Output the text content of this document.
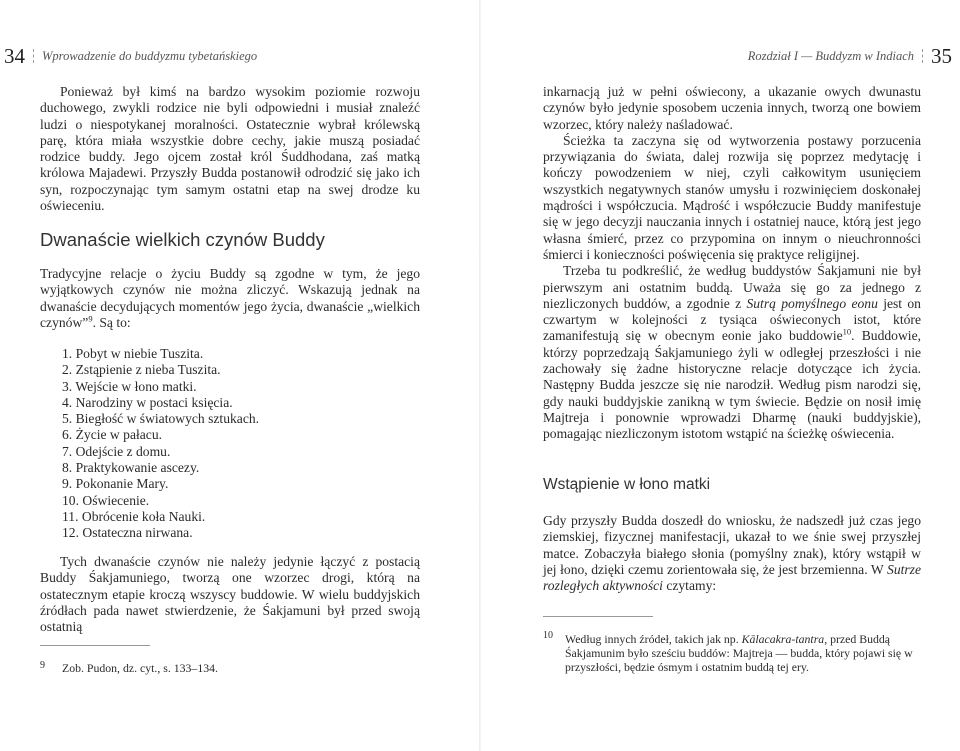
34 Wprowadzenie do buddyzmu tybetańskiego

Ponieważ był kimś na bardzo wysokim poziomie rozwoju duchowego, zwykli rodzice nie byli odpowiedni i musiał znaleźć ludzi o niespotykanej moralności. Ostatecznie wybrał królewską parę, która miała wszystkie dobre cechy, jakie muszą posiadać rodzice buddy. Jego ojcem został król Śuddhodana, zaś matką królowa Majadewi. Przyszły Budda postanowił odrodzić się jako ich syn, rozpoczynając tym samym ostatni etap na swej drodze ku oświeceniu.

Dwanaście wielkich czynów Buddy

Tradycyjne relacje o życiu Buddy są zgodne w tym, że jego wyjątkowych czynów nie można zliczyć. Wskazują jednak na dwanaście decydujących momentów jego życia, dwanaście „wielkich czynów”$^9$. Są to:

1. Pobyt w niebie Tuszita.
2. Zstąpienie z nieba Tuszita.
3. Wejście w łono matki.
4. Narodziny w postaci księcia.
5. Biegłość w światowych sztukach.
6. Życie w pałacu.
7. Odejście z domu.
8. Praktykowanie ascezy.
9. Pokonanie Mary.
10. Oświecenie.
11. Obrócenie koła Nauki.
12. Ostateczna nirwana.

Tych dwanaście czynów nie należy jedynie łączyć z postacią Buddy Śakjamuniego, tworzą one wzorzec drogi, którą na ostatecznym etapie kroczą wszyscy buddowie. W wielu buddyjskich źródłach pada nawet stwierdzenie, że Śakjamuni był przed swoją ostatnią

9 Zob. Pudon, dz. cyt., s. 133–134.
Rozdział I — Buddyzm w Indiach 35

inkarnacją już w pełni oświecony, a ukazanie owych dwunastu czynów było jedynie sposobem uczenia innych, tworzą one bowiem wzorzec, który należy naśladować.

Ścieżka ta zaczyna się od wytworzenia postawy porzucenia przywiązania do świata, dalej rozwija się poprzez medytację i kończy powodzeniem w niej, czyli całkowitym usunięciem wszystkich negatywnych stanów umysłu i rozwinięciem doskonałej mądrości i współczucia. Mądrość i współczucie Buddy manifestuje się w jego decyzji nauczania innych i ostatniej nauce, którą jest jego własna śmierć, przez co przypomina on innym o nieuchronności śmierci i konieczności poświęcenia się praktyce religijnej.

Trzeba tu podkreślić, że według buddystów Śakjamuni nie był pierwszym ani ostatnim buddą. Uważa się go za jednego z niezliczonych buddów, a zgodnie z Sutrą pomyślnego eonu jest on czwartym w kolejności z tysiąca oświeconych istot, które zamanifestują się w obecnym eonie jako buddowie$^{10}$. Buddowie, którzy poprzedzają Śakjamuniego żyli w odległej przeszłości i nie zachowały się żadne historyczne relacje dotyczące ich życia. Następny Budda jeszcze się nie narodził. Według pism narodzi się, gdy nauki buddyjskie zanikną w tym świecie. Będzie on nosił imię Majtreja i ponownie wprowadzi Dharmę (nauki buddyjskie), pomagając niezliczonym istotom wstąpić na ścieżkę oświecenia.

Wstąpienie w łono matki

Gdy przyszły Budda doszedł do wniosku, że nadszedł już czas jego ziemskiej, fizycznej manifestacji, ukazał to we śnie swej przyszłej matce. Zobaczyła białego słonia (pomyślny znak), który wstąpił w jej łono, dzięki czemu zorientowała się, że jest brzemienna. W Sutrze rozległych aktywności czytamy:

10 Według innych źródeł, takich jak np. Kālacakra-tantra, przed Buddą Śakjamunim było sześciu buddów: Majtreja — budda, który pojawi się w przyszłości, będzie ósmym i ostatnim buddą tej ery.
